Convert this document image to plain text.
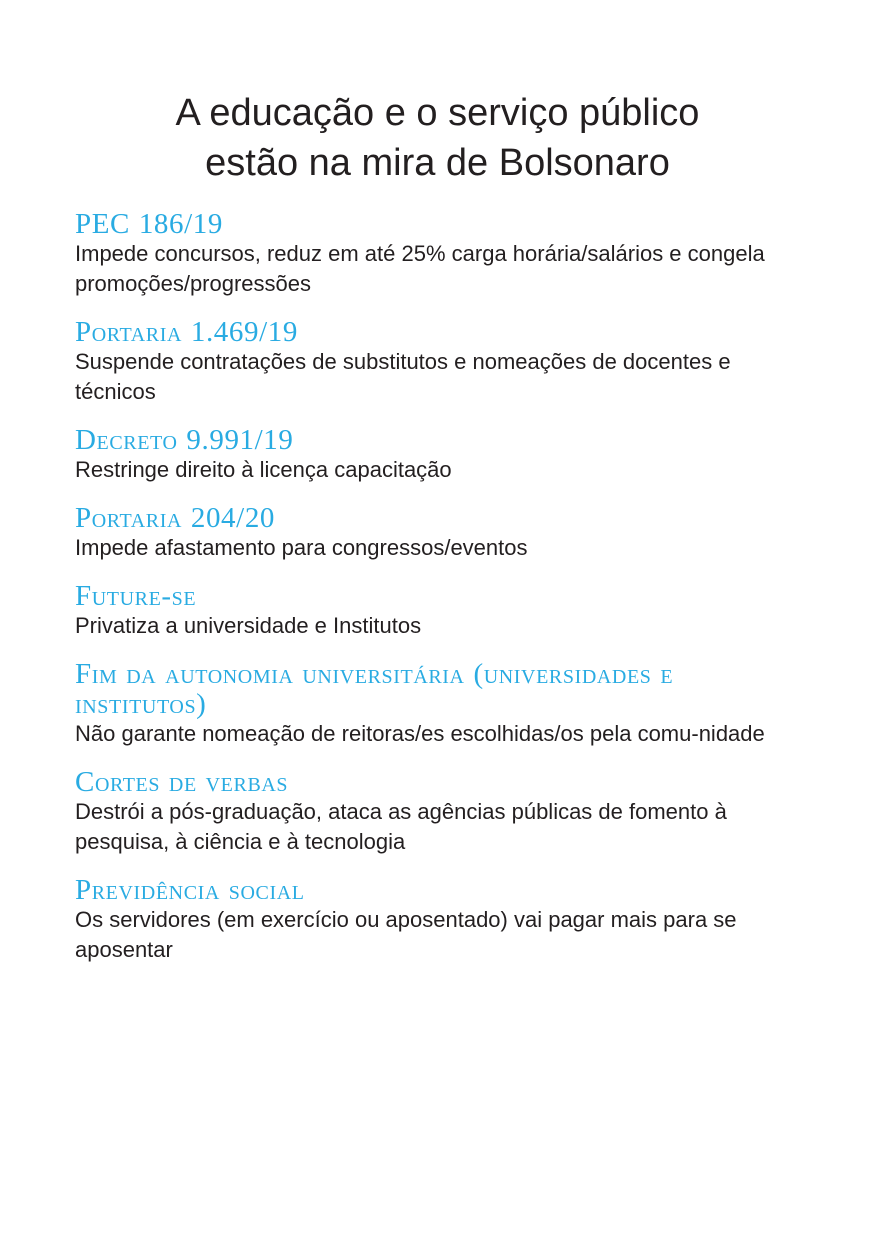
A educação e o serviço público
estão na mira de Bolsonaro
PEC 186/19
Impede concursos, reduz em até 25% carga horária/salários e congela promoções/progressões
Portaria 1.469/19
Suspende contratações de substitutos e nomeações de docentes e técnicos
Decreto 9.991/19
Restringe direito à licença capacitação
Portaria 204/20
Impede afastamento para congressos/eventos
Future-se
Privatiza a universidade e Institutos
Fim da autonomia universitária (universidades e institutos)
Não garante nomeação de reitoras/es escolhidas/os pela comu-nidade
Cortes de verbas
Destrói a pós-graduação, ataca as agências públicas de fomento à pesquisa, à ciência e à tecnologia
Previdência social
Os servidores (em exercício ou aposentado) vai pagar mais para se aposentar
